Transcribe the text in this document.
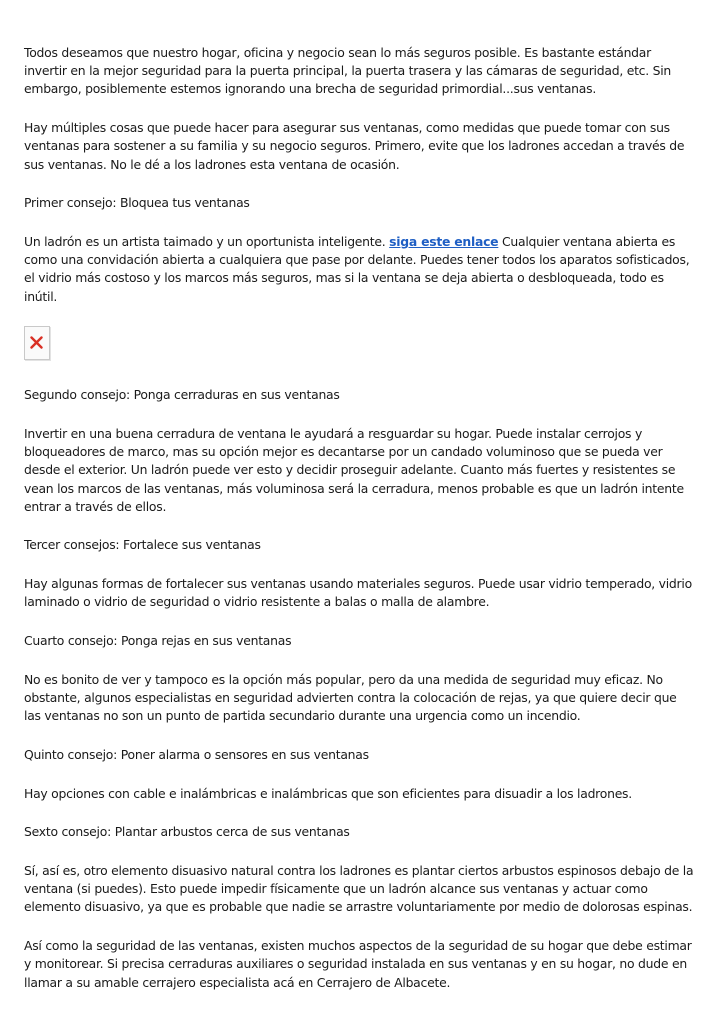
Todos deseamos que nuestro hogar, oficina y negocio sean lo más seguros posible. Es bastante estándar invertir en la mejor seguridad para la puerta principal, la puerta trasera y las cámaras de seguridad, etc. Sin embargo, posiblemente estemos ignorando una brecha de seguridad primordial...sus ventanas.

Hay múltiples cosas que puede hacer para asegurar sus ventanas, como medidas que puede tomar con sus ventanas para sostener a su familia y su negocio seguros. Primero, evite que los ladrones accedan a través de sus ventanas. No le dé a los ladrones esta ventana de ocasión.

Primer consejo: Bloquea tus ventanas

Un ladrón es un artista taimado y un oportunista inteligente. siga este enlace Cualquier ventana abierta es como una convidación abierta a cualquiera que pase por delante. Puedes tener todos los aparatos sofisticados, el vidrio más costoso y los marcos más seguros, mas si la ventana se deja abierta o desbloqueada, todo es inútil.

Segundo consejo: Ponga cerraduras en sus ventanas

Invertir en una buena cerradura de ventana le ayudará a resguardar su hogar. Puede instalar cerrojos y bloqueadores de marco, mas su opción mejor es decantarse por un candado voluminoso que se pueda ver desde el exterior. Un ladrón puede ver esto y decidir proseguir adelante. Cuanto más fuertes y resistentes se vean los marcos de las ventanas, más voluminosa será la cerradura, menos probable es que un ladrón intente entrar a través de ellos.

Tercer consejos: Fortalece sus ventanas

Hay algunas formas de fortalecer sus ventanas usando materiales seguros. Puede usar vidrio temperado, vidrio laminado o vidrio de seguridad o vidrio resistente a balas o malla de alambre.

Cuarto consejo: Ponga rejas en sus ventanas

No es bonito de ver y tampoco es la opción más popular, pero da una medida de seguridad muy eficaz. No obstante, algunos especialistas en seguridad advierten contra la colocación de rejas, ya que quiere decir que las ventanas no son un punto de partida secundario durante una urgencia como un incendio.

Quinto consejo: Poner alarma o sensores en sus ventanas

Hay opciones con cable e inalámbricas e inalámbricas que son eficientes para disuadir a los ladrones.

Sexto consejo: Plantar arbustos cerca de sus ventanas

Sí, así es, otro elemento disuasivo natural contra los ladrones es plantar ciertos arbustos espinosos debajo de la ventana (si puedes). Esto puede impedir físicamente que un ladrón alcance sus ventanas y actuar como elemento disuasivo, ya que es probable que nadie se arrastre voluntariamente por medio de dolorosas espinas.

Así como la seguridad de las ventanas, existen muchos aspectos de la seguridad de su hogar que debe estimar y monitorear. Si precisa cerraduras auxiliares o seguridad instalada en sus ventanas y en su hogar, no dude en llamar a su amable cerrajero especialista acá en Cerrajero de Albacete.
